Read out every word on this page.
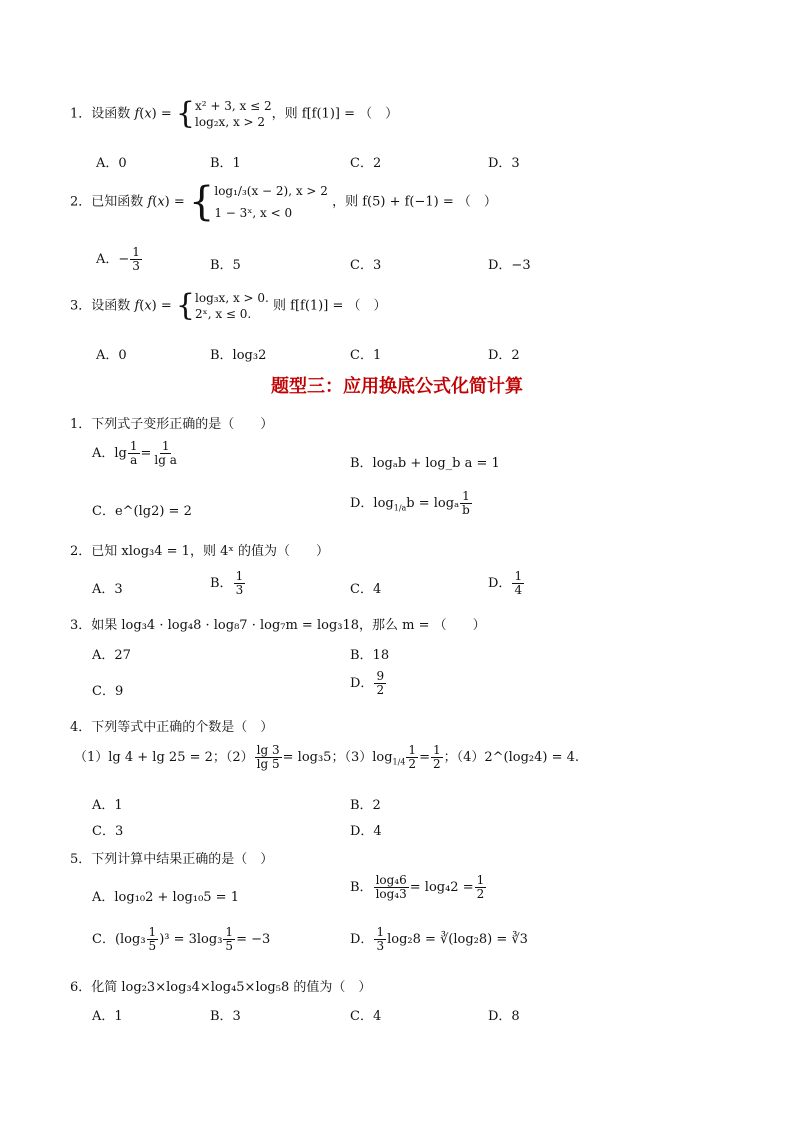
1．设函数 f(x) = {x² + 3, x ≤ 2
log₂x, x > 2，则 f[f(1)] = （　）
A．0	B．1	C．2	D．3
2．已知函数 f(x) = {log₁/₃(x − 2), x > 2
1 − 3ˣ, x < 0 ，则 f(5) + f(−1) = （　）
A．− $\frac{1}{3}$	B．5	C．3	D．−3
3．设函数 f(x) = {log₃x, x > 0.
2ˣ, x ≤ 0. 则 f[f(1)] = （　）
A．0	B．log₃2	C．1	D．2
题型三：应用换底公式化简计算
1．下列式子变形正确的是（　　）
A．$\lg \frac{1}{a} = \frac{1}{\text{lg a}}$	B．logₐb + log_b a = 1
C．e^(lg2) = 2
D．$\log_{1/a}b = \log_a \frac{1}{b}$
2．已知 xlog₃4 = 1，则 4ˣ 的值为（　　）
A．3	B． $\frac{1}{3}$	C．4	D． $\frac{1}{4}$
3．如果 log₃4 · log₄8 · log₈7 · log₇m = log₃18，那么 m = （　　）
A．27	B．18
C．9
D． $\frac{9}{2}$
4．下列等式中正确的个数是（　）
（1）lg 4 + lg 25 = 2；$(2) \frac{\lg 3}{\lg 5} = \log_35$；$(3)\log_{1/4} \frac{1}{2} = \frac{1}{2}$ ；（4）2^(log₂4) = 4.
A．1	B．2
C．3	D．4
5．下列计算中结果正确的是（　）
A．log₁₀2 + log₁₀5 = 1
B． $\frac{\text{log₄6}}{\text{log₄3}} = \log_42 = \frac{1}{2}$
C．$(\log_3 \frac{1}{5} )^3 = 3\log_3 \frac{1}{5} = -3$	D． $\frac{1}{3} \log_28$ = ∛(log₂8) = ∛3
6．化简 log₂3×log₃4×log₄5×log₅8 的值为（　）
A．1	B．3	C．4	D．8
